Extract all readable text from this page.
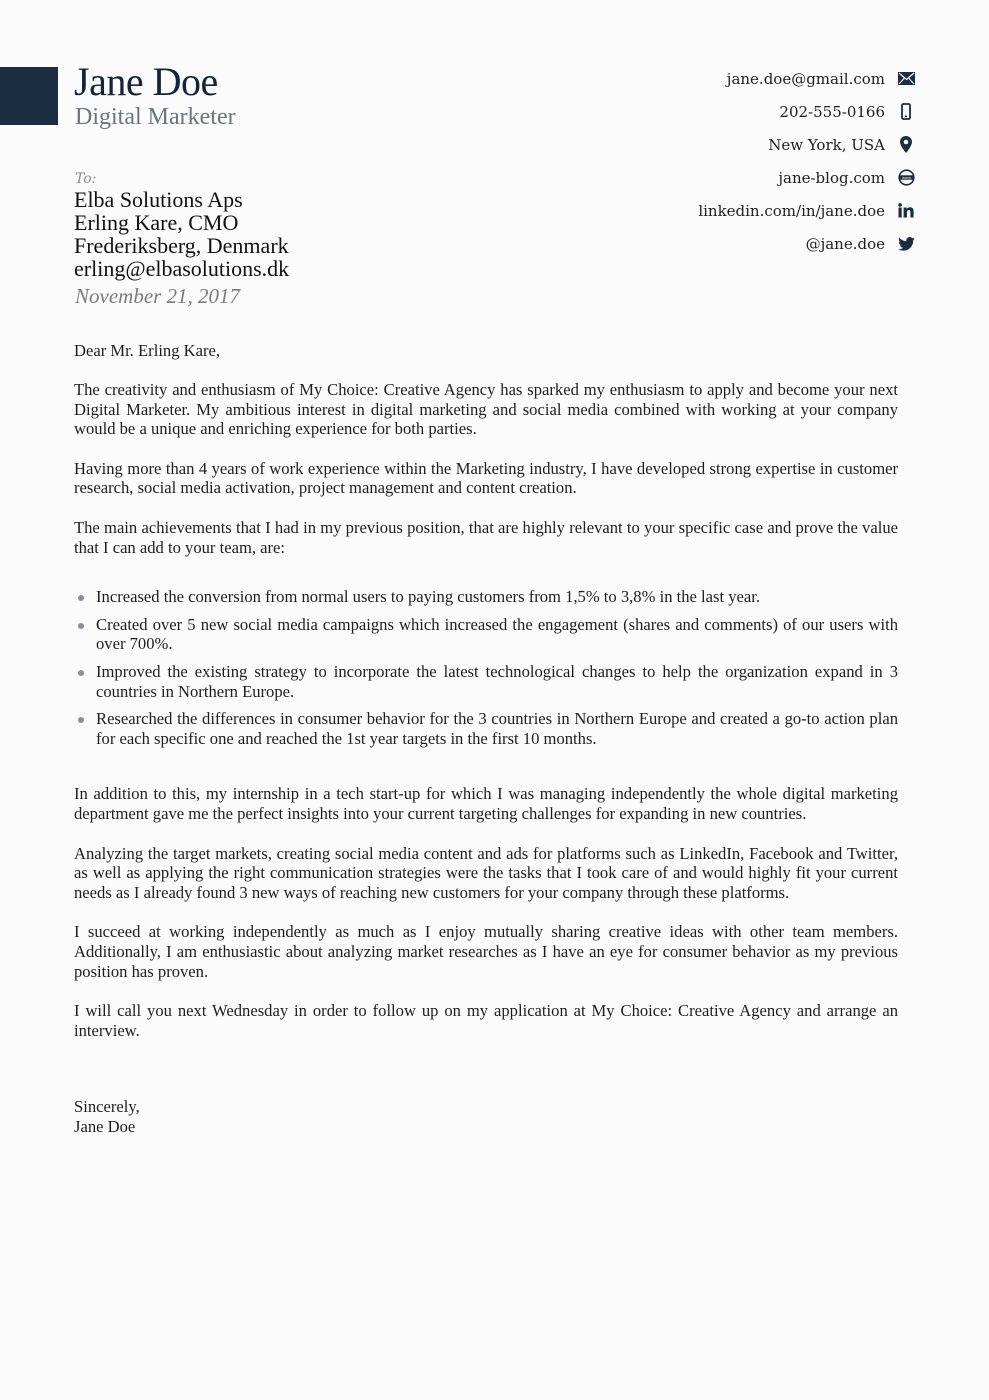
Jane Doe
Digital Marketer
jane.doe@gmail.com
202-555-0166
New York, USA
jane-blog.com	www
linkedin.com/in/jane.doe
@jane.doe
To:
Elba Solutions Aps
Erling Kare, CMO
Frederiksberg, Denmark
erling@elbasolutions.dk
November 21, 2017

Dear Mr. Erling Kare,

The creativity and enthusiasm of My Choice: Creative Agency has sparked my enthusiasm to apply and become your next Digital Marketer. My ambitious interest in digital marketing and social media combined with working at your company would be a unique and enriching experience for both parties.

Having more than 4 years of work experience within the Marketing industry, I have developed strong expertise in customer research, social media activation, project management and content creation.

The main achievements that I had in my previous position, that are highly relevant to your specific case and prove the value that I can add to your team, are:

Increased the conversion from normal users to paying customers from 1,5% to 3,8% in the last year.
Created over 5 new social media campaigns which increased the engagement (shares and comments) of our users with over 700%.
Improved the existing strategy to incorporate the latest technological changes to help the organization expand in 3 countries in Northern Europe.
Researched the differences in consumer behavior for the 3 countries in Northern Europe and created a go-to action plan for each specific one and reached the 1st year targets in the first 10 months.

In addition to this, my internship in a tech start-up for which I was managing independently the whole digital marketing department gave me the perfect insights into your current targeting challenges for expanding in new countries.

Analyzing the target markets, creating social media content and ads for platforms such as LinkedIn, Facebook and Twitter, as well as applying the right communication strategies were the tasks that I took care of and would highly fit your current needs as I already found 3 new ways of reaching new customers for your company through these platforms.

I succeed at working independently as much as I enjoy mutually sharing creative ideas with other team members. Additionally, I am enthusiastic about analyzing market researches as I have an eye for consumer behavior as my previous position has proven.

I will call you next Wednesday in order to follow up on my application at My Choice: Creative Agency and arrange an interview.

Sincerely,

Jane Doe
